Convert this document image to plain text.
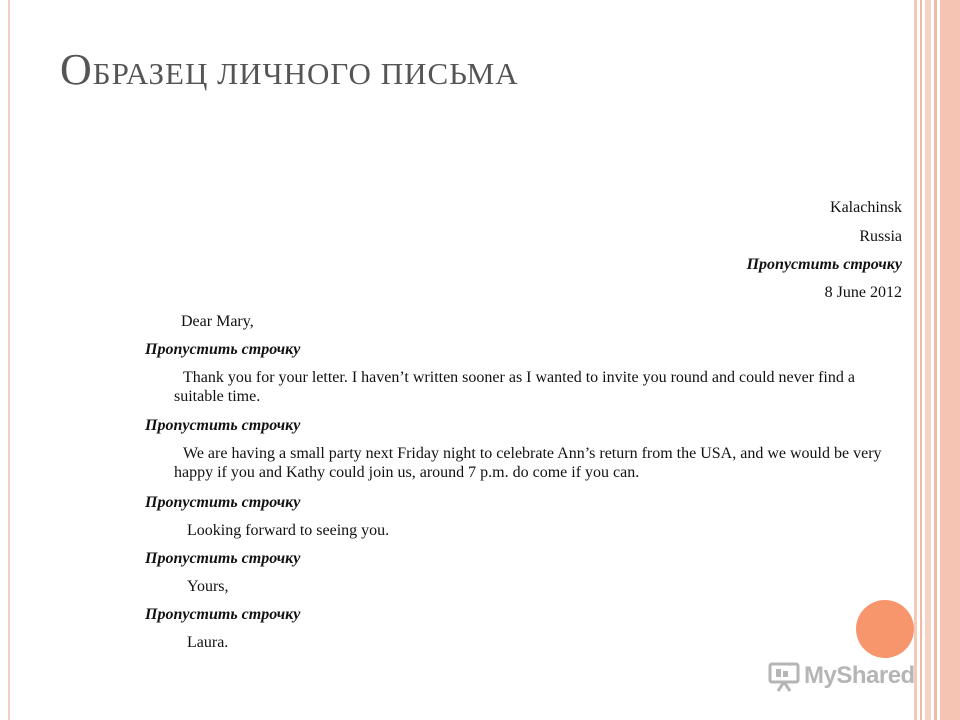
ОБРАЗЕЦ ЛИЧНОГО ПИСЬМА
Kalachinsk
Russia
Пропустить строчку
8 June 2012
Dear Mary,
Пропустить строчку
Thank you for your letter. I haven’t written sooner as I wanted to invite you round and could never find a suitable time.
Пропустить строчку
We are having a small party next Friday night to celebrate Ann’s return from the USA, and we would be very happy if you and Kathy could join us, around 7 p.m. do come if you can.
Пропустить строчку
Looking forward to seeing you.
Пропустить строчку
Yours,
Пропустить строчку
Laura.
MyShared
